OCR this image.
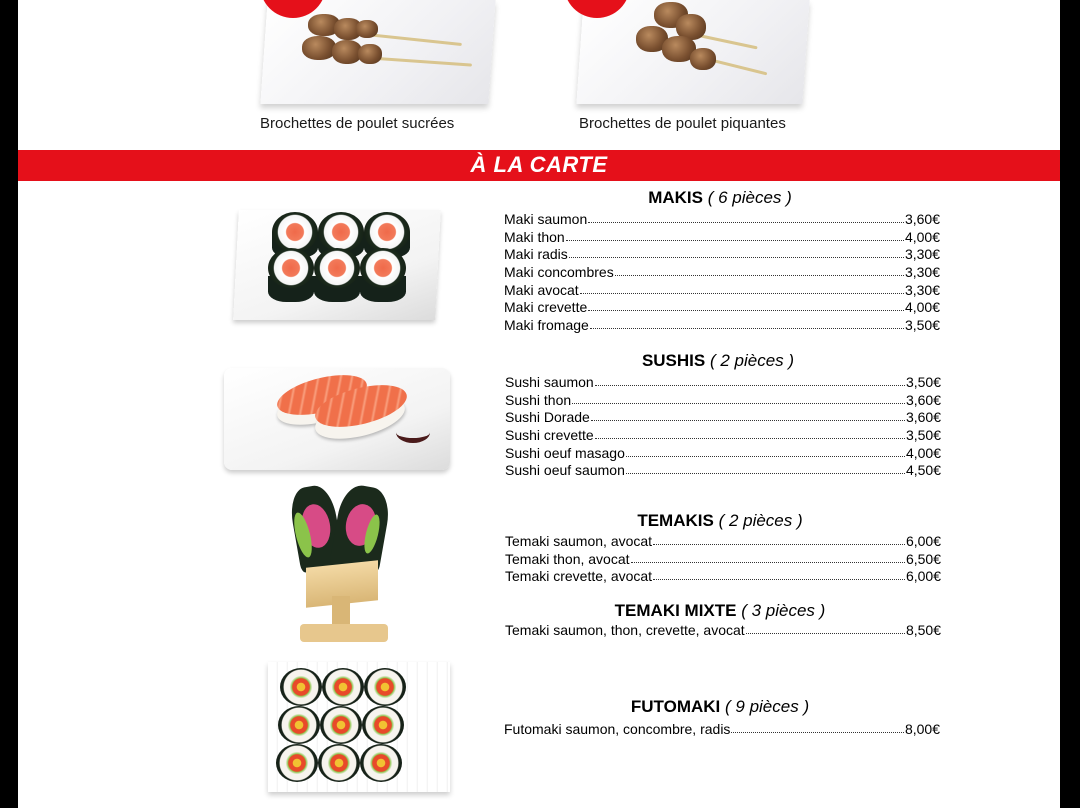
Brochettes de poulet sucrées	Brochettes de poulet piquantes
À LA CARTE
MAKIS ( 6 pièces )
Maki saumon	3,60€
Maki thon	4,00€
Maki radis	3,30€
Maki concombres	3,30€
Maki avocat	3,30€
Maki crevette	4,00€
Maki fromage	3,50€
SUSHIS ( 2 pièces )
Sushi saumon	3,50€
Sushi thon	3,60€
Sushi Dorade	3,60€
Sushi crevette	3,50€
Sushi oeuf masago	4,00€
Sushi oeuf saumon	4,50€
TEMAKIS ( 2 pièces )
Temaki saumon, avocat	6,00€
Temaki thon, avocat	6,50€
Temaki crevette, avocat	6,00€
TEMAKI MIXTE ( 3 pièces )
Temaki saumon, thon, crevette, avocat	8,50€
FUTOMAKI ( 9 pièces )
Futomaki saumon, concombre, radis	8,00€
